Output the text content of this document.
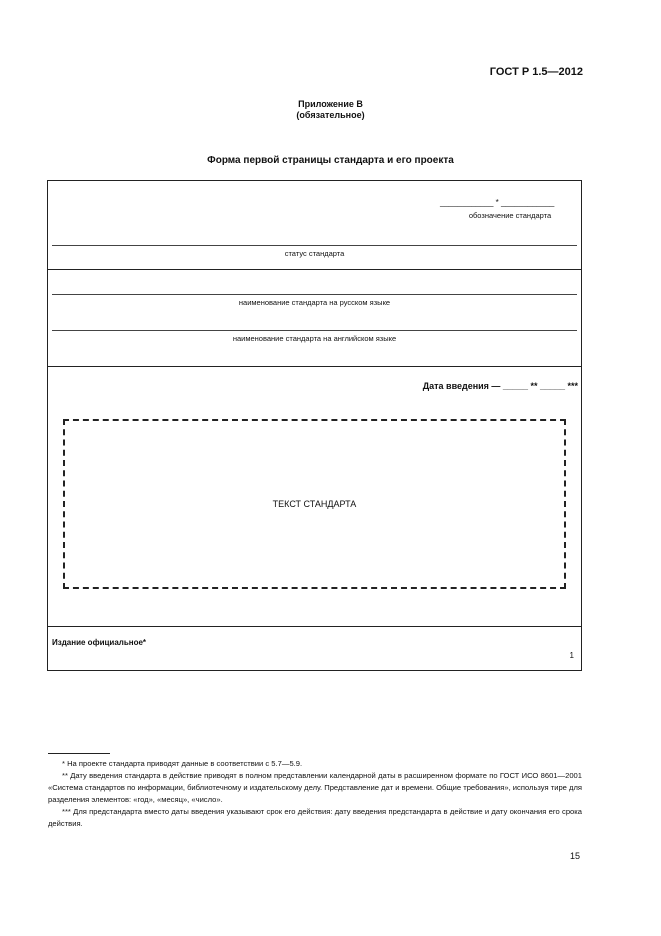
ГОСТ Р 1.5—2012
Приложение В
(обязательное)
Форма первой страницы стандарта и его проекта
____________ * ____________
обозначение стандарта
статус стандарта
наименование стандарта на русском языке
наименование стандарта на английском языке
Дата введения — _____ ** _____ ***
ТЕКСТ СТАНДАРТА
Издание официальное*
1

* На проекте стандарта приводят данные в соответствии с 5.7—5.9.

** Дату введения стандарта в действие приводят в полном представлении календарной даты в расширенном формате по ГОСТ ИСО 8601—2001 «Система стандартов по информации, библиотечному и издательскому делу. Представление дат и времени. Общие требования», используя тире для разделения элементов: «год», «месяц», «число».

*** Для предстандарта вместо даты введения указывают срок его действия: дату введения предстандарта в действие и дату окончания его срока действия.

15
